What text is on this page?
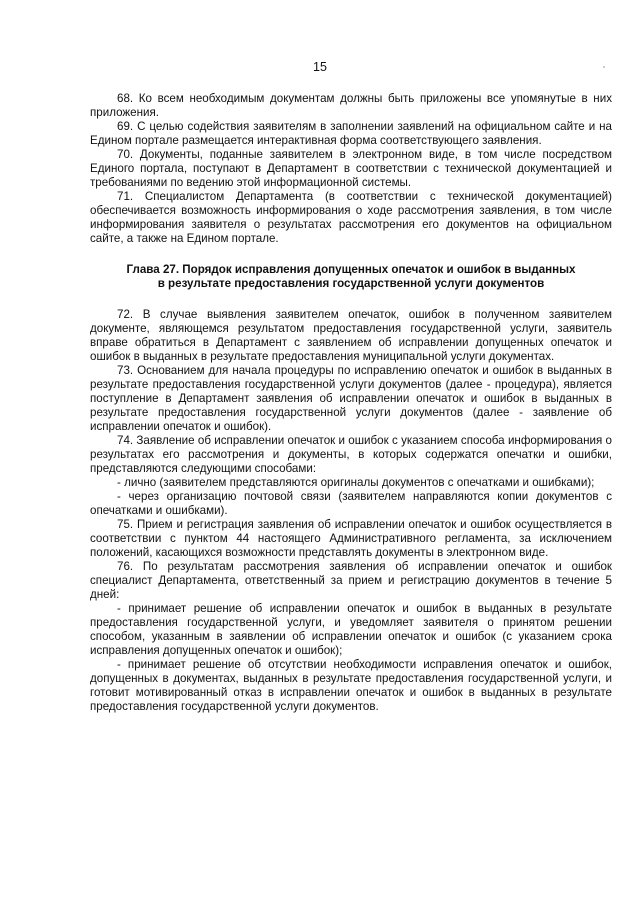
15

68. Ко всем необходимым документам должны быть приложены все упомянутые в них приложения.

69. С целью содействия заявителям в заполнении заявлений на официальном сайте и на Едином портале размещается интерактивная форма соответствующего заявления.

70. Документы, поданные заявителем в электронном виде, в том числе посредством Единого портала, поступают в Департамент в соответствии с технической документацией и требованиями по ведению этой информационной системы.

71. Специалистом Департамента (в соответствии с технической документацией) обеспечивается возможность информирования о ходе рассмотрения заявления, в том числе информирования заявителя о результатах рассмотрения его документов на официальном сайте, а также на Едином портале.

Глава 27. Порядок исправления допущенных опечаток и ошибок в выданных
в результате предоставления государственной услуги документов

72. В случае выявления заявителем опечаток, ошибок в полученном заявителем документе, являющемся результатом предоставления государственной услуги, заявитель вправе обратиться в Департамент с заявлением об исправлении допущенных опечаток и ошибок в выданных в результате предоставления муниципальной услуги документах.

73. Основанием для начала процедуры по исправлению опечаток и ошибок в выданных в результате предоставления государственной услуги документов (далее - процедура), является поступление в Департамент заявления об исправлении опечаток и ошибок в выданных в результате предоставления государственной услуги документов (далее - заявление об исправлении опечаток и ошибок).

74. Заявление об исправлении опечаток и ошибок с указанием способа информирования о результатах его рассмотрения и документы, в которых содержатся опечатки и ошибки, представляются следующими способами:

- лично (заявителем представляются оригиналы документов с опечатками и ошибками);

- через организацию почтовой связи (заявителем направляются копии документов с опечатками и ошибками).

75. Прием и регистрация заявления об исправлении опечаток и ошибок осуществляется в соответствии с пунктом 44 настоящего Административного регламента, за исключением положений, касающихся возможности представлять документы в электронном виде.

76. По результатам рассмотрения заявления об исправлении опечаток и ошибок специалист Департамента, ответственный за прием и регистрацию документов в течение 5 дней:

- принимает решение об исправлении опечаток и ошибок в выданных в результате предоставления государственной услуги, и уведомляет заявителя о принятом решении способом, указанным в заявлении об исправлении опечаток и ошибок (с указанием срока исправления допущенных опечаток и ошибок);

- принимает решение об отсутствии необходимости исправления опечаток и ошибок, допущенных в документах, выданных в результате предоставления государственной услуги, и готовит мотивированный отказ в исправлении опечаток и ошибок в выданных в результате предоставления государственной услуги документов.
